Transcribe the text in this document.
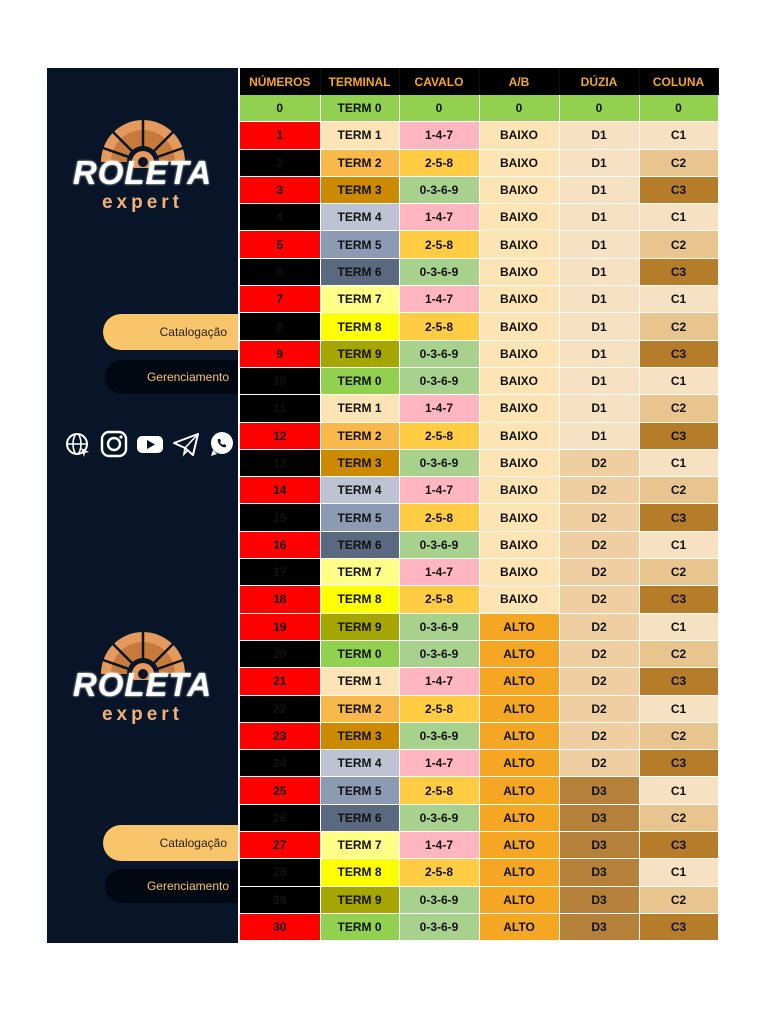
ROLETA
expert
Catalogação
Gerenciamento
ROLETA
expert
Catalogação
Gerenciamento
NÚMEROS	TERMINAL	CAVALO	A/B	DÚZIA	COLUNA
0	TERM 0	0	0	0	0
1	TERM 1	1-4-7	BAIXO	D1	C1
2	TERM 2	2-5-8	BAIXO	D1	C2
3	TERM 3	0-3-6-9	BAIXO	D1	C3
4	TERM 4	1-4-7	BAIXO	D1	C1
5	TERM 5	2-5-8	BAIXO	D1	C2
6	TERM 6	0-3-6-9	BAIXO	D1	C3
7	TERM 7	1-4-7	BAIXO	D1	C1
8	TERM 8	2-5-8	BAIXO	D1	C2
9	TERM 9	0-3-6-9	BAIXO	D1	C3
10	TERM 0	0-3-6-9	BAIXO	D1	C1
11	TERM 1	1-4-7	BAIXO	D1	C2
12	TERM 2	2-5-8	BAIXO	D1	C3
13	TERM 3	0-3-6-9	BAIXO	D2	C1
14	TERM 4	1-4-7	BAIXO	D2	C2
15	TERM 5	2-5-8	BAIXO	D2	C3
16	TERM 6	0-3-6-9	BAIXO	D2	C1
17	TERM 7	1-4-7	BAIXO	D2	C2
18	TERM 8	2-5-8	BAIXO	D2	C3
19	TERM 9	0-3-6-9	ALTO	D2	C1
20	TERM 0	0-3-6-9	ALTO	D2	C2
21	TERM 1	1-4-7	ALTO	D2	C3
22	TERM 2	2-5-8	ALTO	D2	C1
23	TERM 3	0-3-6-9	ALTO	D2	C2
24	TERM 4	1-4-7	ALTO	D2	C3
25	TERM 5	2-5-8	ALTO	D3	C1
26	TERM 6	0-3-6-9	ALTO	D3	C2
27	TERM 7	1-4-7	ALTO	D3	C3
28	TERM 8	2-5-8	ALTO	D3	C1
29	TERM 9	0-3-6-9	ALTO	D3	C2
30	TERM 0	0-3-6-9	ALTO	D3	C3
